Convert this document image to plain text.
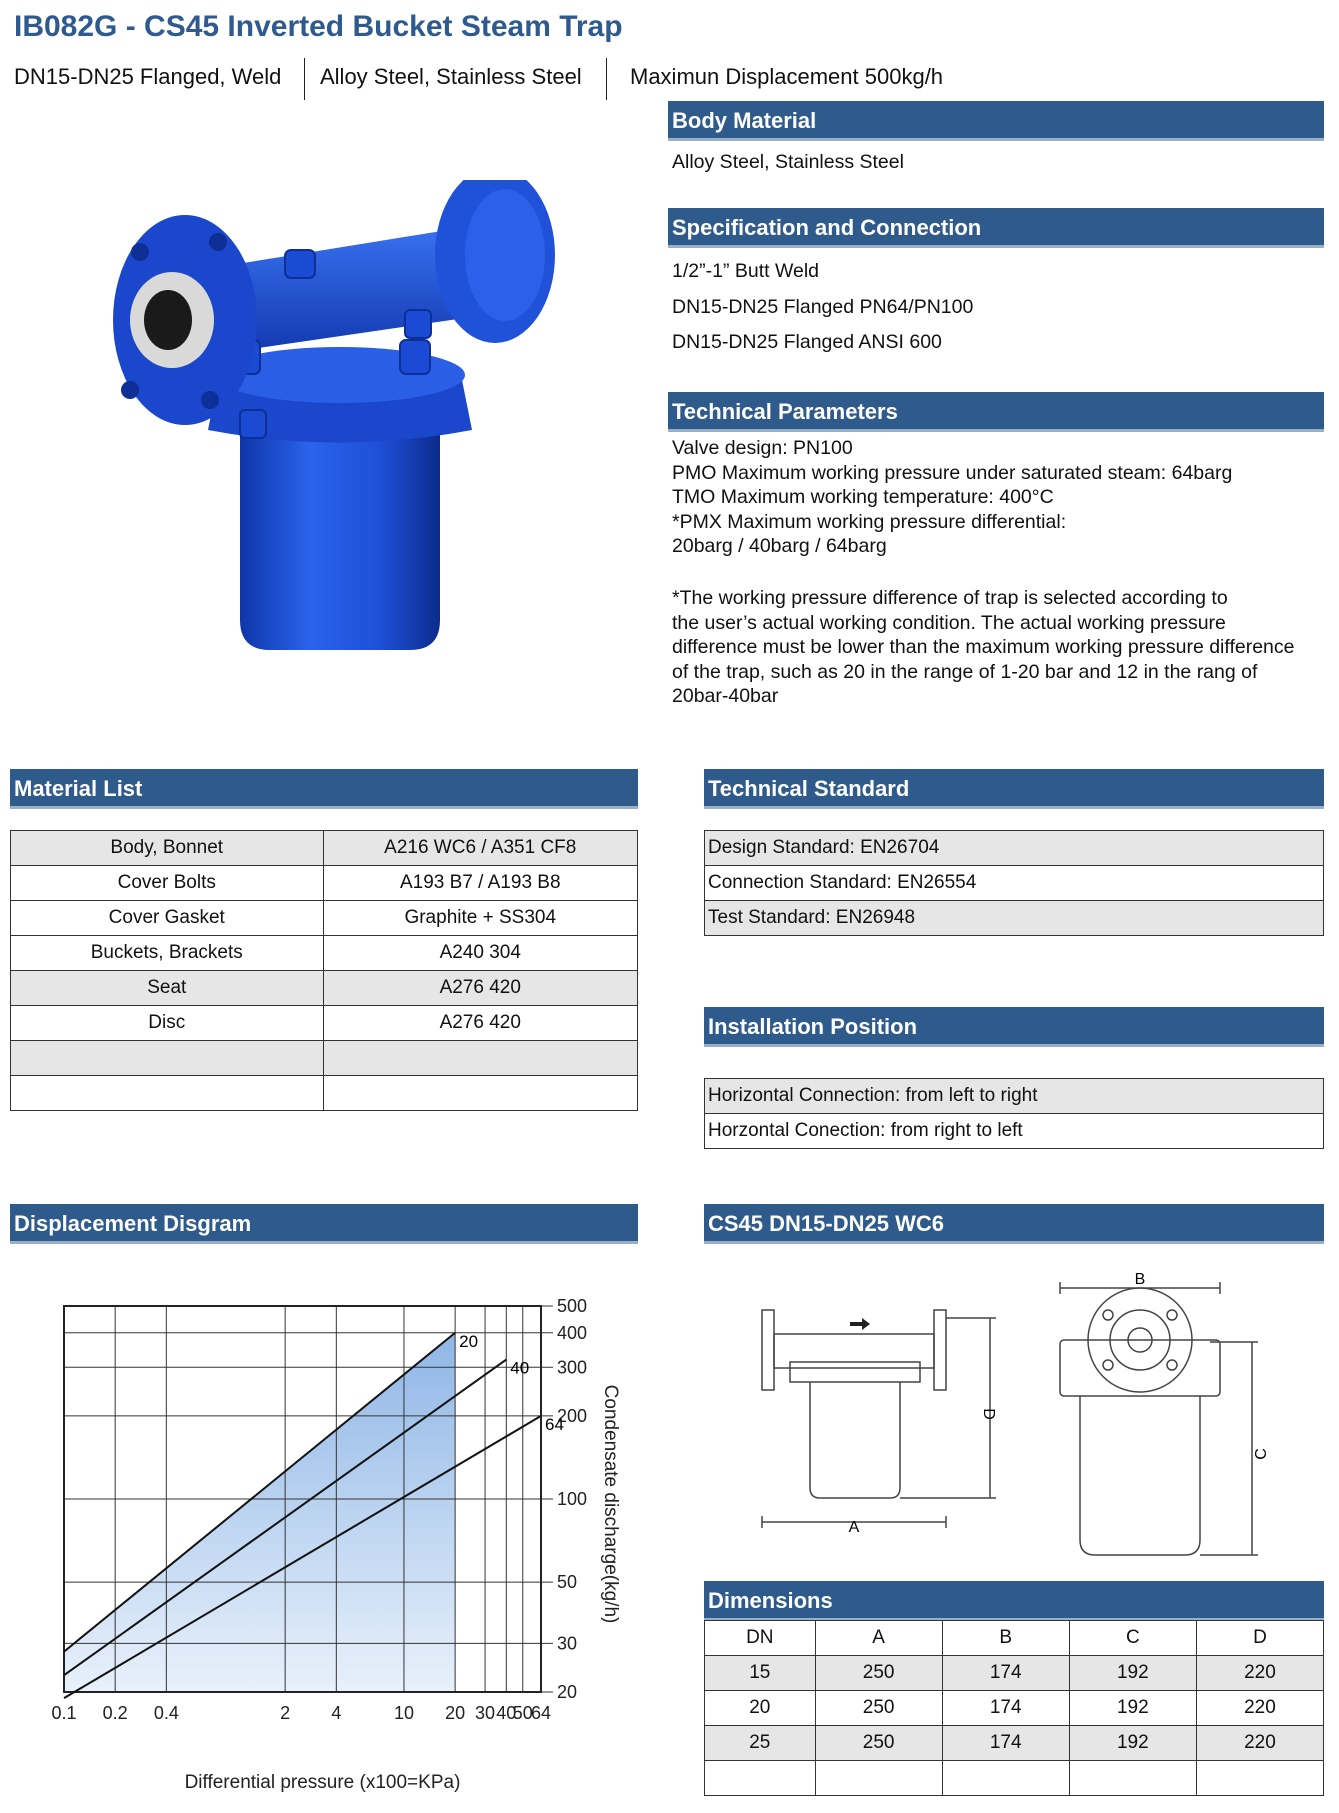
IB082G - CS45 Inverted Bucket Steam Trap
DN15-DN25 Flanged, Weld Alloy Steel, Stainless Steel Maximun Displacement 500kg/h
Body Material
Alloy Steel, Stainless Steel
Specification and Connection
1/2”-1” Butt Weld
DN15-DN25 Flanged PN64/PN100
DN15-DN25 Flanged ANSI 600
Technical Parameters
Valve design: PN100
PMO Maximum working pressure under saturated steam: 64barg
TMO Maximum working temperature: 400°C
*PMX Maximum working pressure differential:
20barg / 40barg / 64barg
*The working pressure difference of trap is selected according to
the user’s actual working condition. The actual working pressure
difference must be lower than the maximum working pressure difference
of the trap, such as 20 in the range of 1-20 bar and 12 in the rang of
20bar-40bar
Material List
Body, Bonnet	A216 WC6 / A351 CF8
Cover Bolts	A193 B7 / A193 B8
Cover Gasket	Graphite + SS304
Buckets, Brackets	A240 304
Seat	A276 420
Disc	A276 420

Technical Standard
Design Standard: EN26704
Connection Standard: EN26554
Test Standard: EN26948
Installation Position
Horizontal Connection: from left to right
Horzontal Conection: from right to left
Displacement Disgram
20
40
64
0.1 0.2 0.4	2 4	10 20 30 40
50
64
500
400
300
200
100
50
30
20
Differential pressure (x100=KPa)
Condensate discharge(kg/h)
CS45 DN15-DN25 WC6
A
B
C
D
Dimensions
DN	A	B	C	D
15	250	174	192	220
20	250	174	192	220
25	250	174	192	220
